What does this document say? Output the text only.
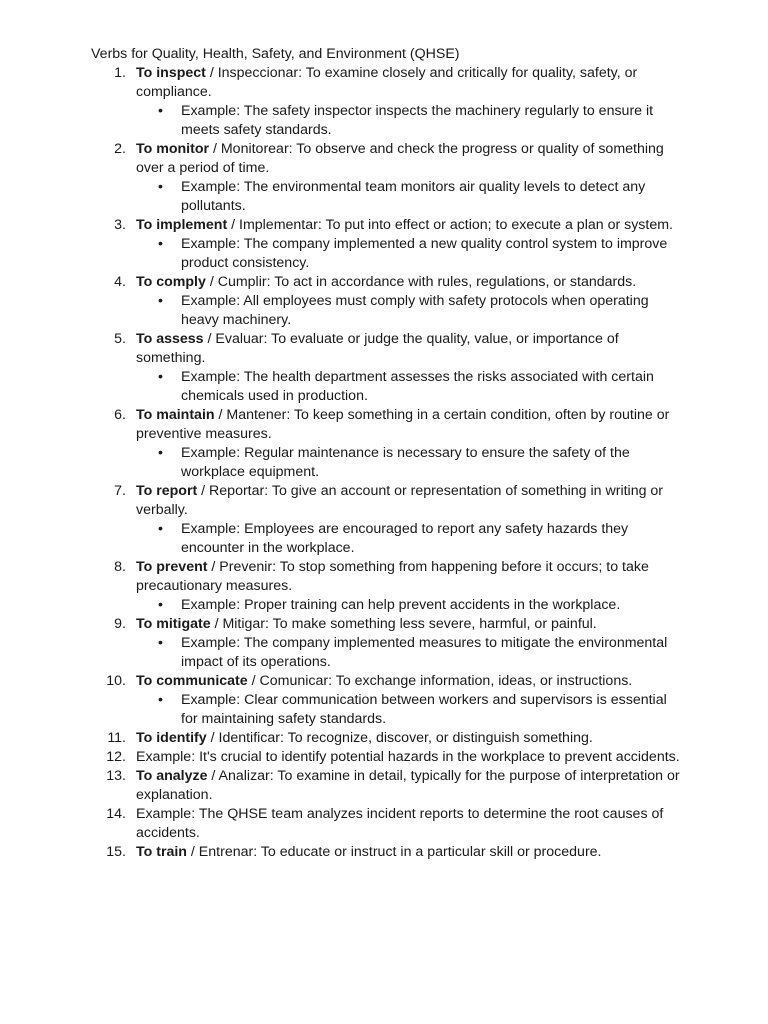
Verbs for Quality, Health, Safety, and Environment (QHSE)
1. To inspect / Inspeccionar: To examine closely and critically for quality, safety, or compliance.
• Example: The safety inspector inspects the machinery regularly to ensure it meets safety standards.
2. To monitor / Monitorear: To observe and check the progress or quality of something over a period of time.
• Example: The environmental team monitors air quality levels to detect any pollutants.
3. To implement / Implementar: To put into effect or action; to execute a plan or system.
• Example: The company implemented a new quality control system to improve product consistency.
4. To comply / Cumplir: To act in accordance with rules, regulations, or standards.
• Example: All employees must comply with safety protocols when operating heavy machinery.
5. To assess / Evaluar: To evaluate or judge the quality, value, or importance of something.
• Example: The health department assesses the risks associated with certain chemicals used in production.
6. To maintain / Mantener: To keep something in a certain condition, often by routine or preventive measures.
• Example: Regular maintenance is necessary to ensure the safety of the workplace equipment.
7. To report / Reportar: To give an account or representation of something in writing or verbally.
• Example: Employees are encouraged to report any safety hazards they encounter in the workplace.
8. To prevent / Prevenir: To stop something from happening before it occurs; to take precautionary measures.
• Example: Proper training can help prevent accidents in the workplace.
9. To mitigate / Mitigar: To make something less severe, harmful, or painful.
• Example: The company implemented measures to mitigate the environmental impact of its operations.
10. To communicate / Comunicar: To exchange information, ideas, or instructions.
• Example: Clear communication between workers and supervisors is essential for maintaining safety standards.
11. To identify / Identificar: To recognize, discover, or distinguish something.
12. Example: It's crucial to identify potential hazards in the workplace to prevent accidents.
13. To analyze / Analizar: To examine in detail, typically for the purpose of interpretation or explanation.
14. Example: The QHSE team analyzes incident reports to determine the root causes of accidents.
15. To train / Entrenar: To educate or instruct in a particular skill or procedure.
